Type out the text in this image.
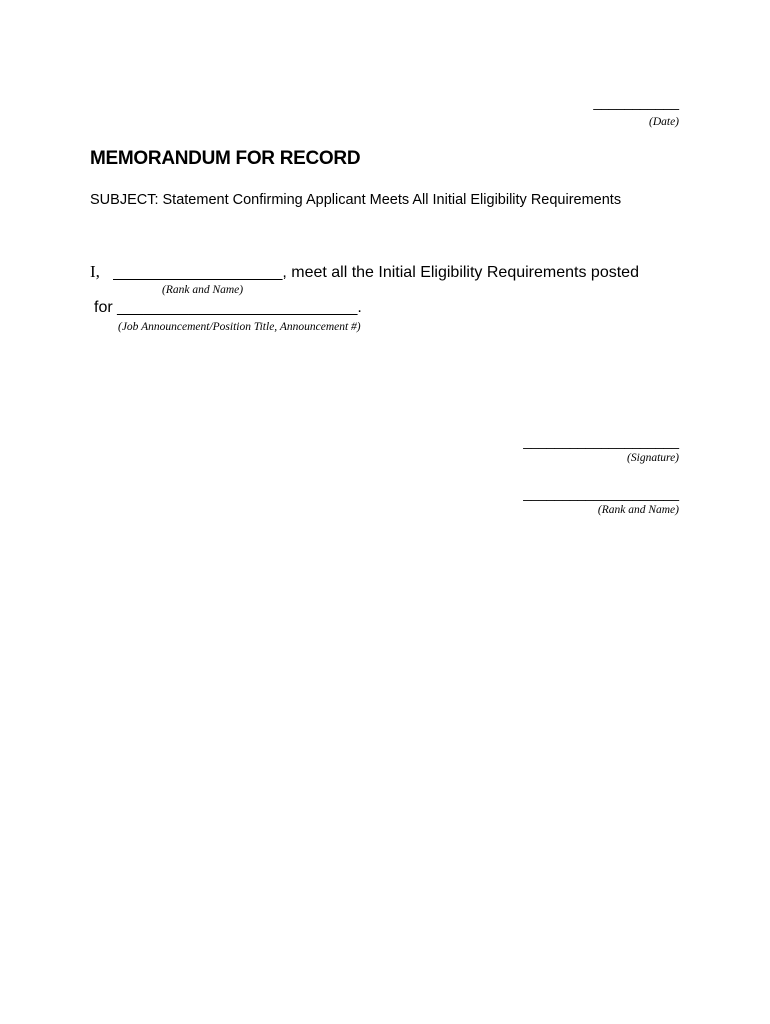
___________
(Date)
MEMORANDUM FOR RECORD
SUBJECT: Statement Confirming Applicant Meets All Initial Eligibility Requirements
I, ___________________, meet all the Initial Eligibility Requirements posted
(Rank and Name)
for ___________________________.
(Job Announcement/Position Title, Announcement #)
____________________
(Signature)
____________________
(Rank and Name)
